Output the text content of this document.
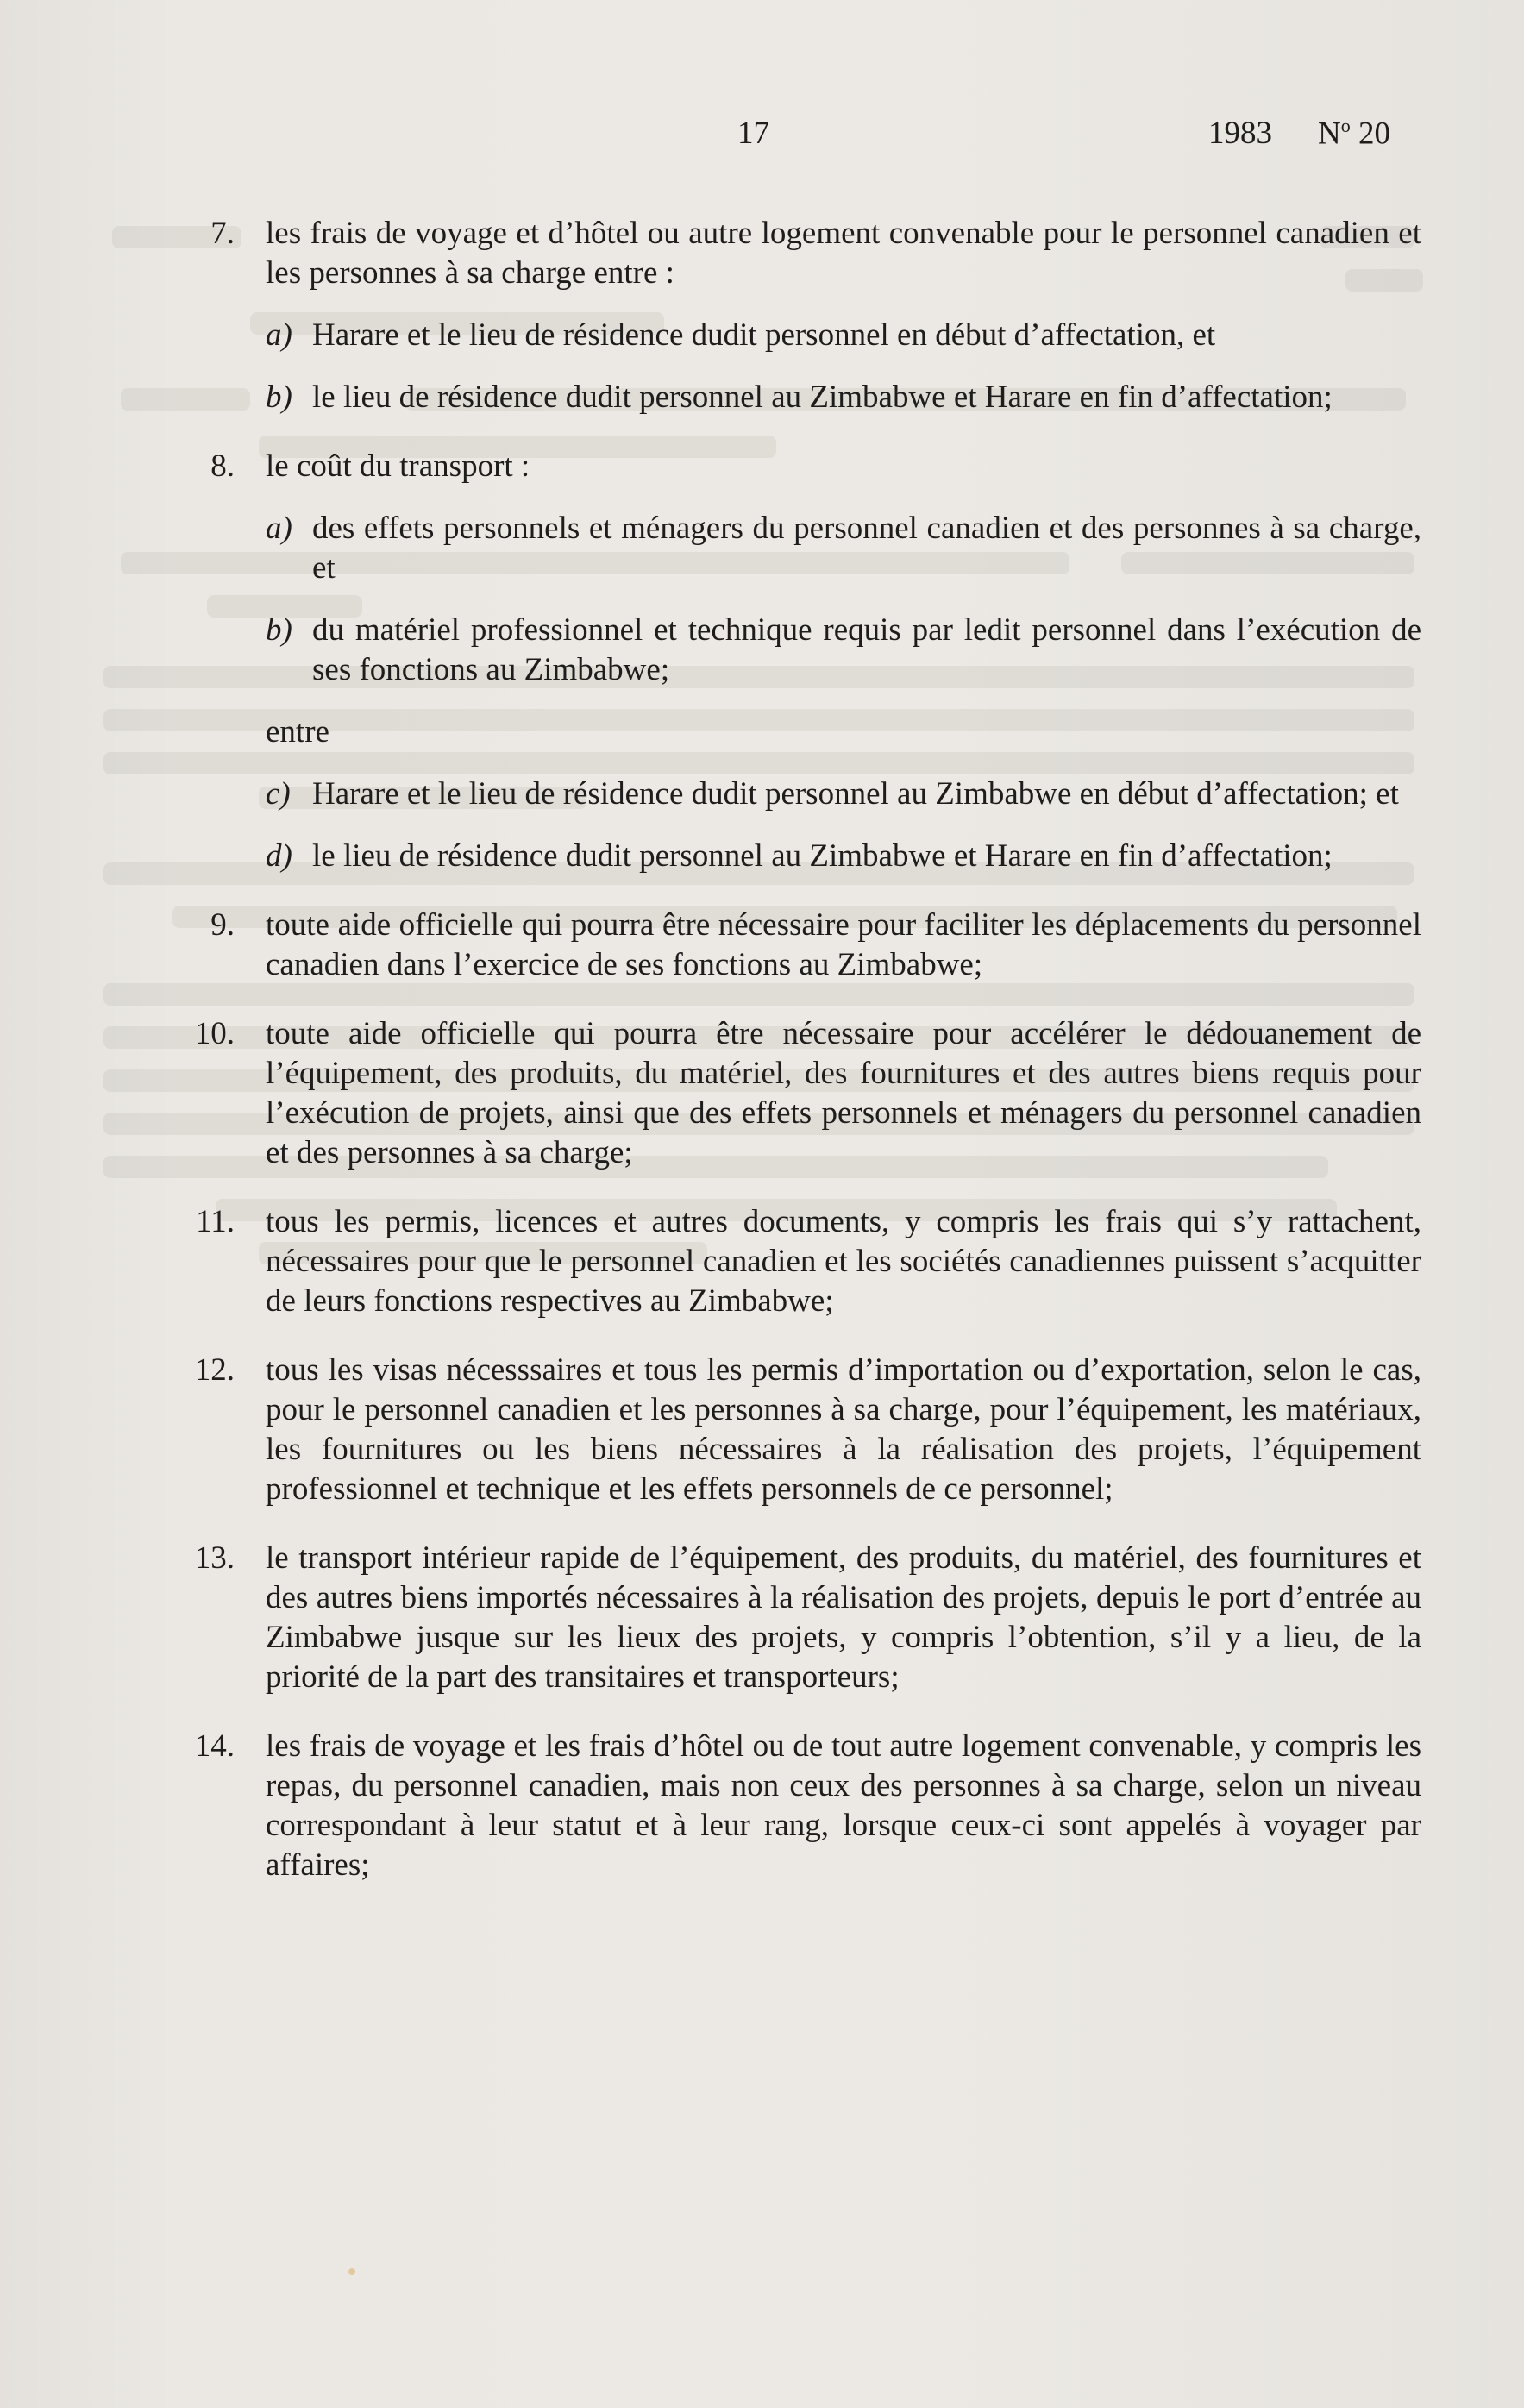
17	1983 $N^o$ 20
7. les frais de voyage et d’hôtel ou autre logement convenable pour le personnel canadien et les personnes à sa charge entre :
a) Harare et le lieu de résidence dudit personnel en début d’affectation, et
b) le lieu de résidence dudit personnel au Zimbabwe et Harare en fin d’affectation;
8. le coût du transport :
a) des effets personnels et ménagers du personnel canadien et des personnes à sa charge, et
b) du matériel professionnel et technique requis par ledit personnel dans l’exécution de ses fonctions au Zimbabwe;
entre
c) Harare et le lieu de résidence dudit personnel au Zimbabwe en début d’affectation; et
d) le lieu de résidence dudit personnel au Zimbabwe et Harare en fin d’affectation;
9. toute aide officielle qui pourra être nécessaire pour faciliter les déplacements du personnel canadien dans l’exercice de ses fonctions au Zimbabwe;
10. toute aide officielle qui pourra être nécessaire pour accélérer le dédouanement de l’équipement, des produits, du matériel, des fournitures et des autres biens requis pour l’exécution de projets, ainsi que des effets personnels et ménagers du personnel canadien et des personnes à sa charge;
11. tous les permis, licences et autres documents, y compris les frais qui s’y rattachent, nécessaires pour que le personnel canadien et les sociétés canadiennes puissent s’acquitter de leurs fonctions respectives au Zimbabwe;
12. tous les visas nécesssaires et tous les permis d’importation ou d’exportation, selon le cas, pour le personnel canadien et les personnes à sa charge, pour l’équipement, les matériaux, les fournitures ou les biens nécessaires à la réalisation des projets, l’équipement professionnel et technique et les effets personnels de ce personnel;
13. le transport intérieur rapide de l’équipement, des produits, du matériel, des fournitures et des autres biens importés nécessaires à la réalisation des projets, depuis le port d’entrée au Zimbabwe jusque sur les lieux des projets, y compris l’obtention, s’il y a lieu, de la priorité de la part des transitaires et transporteurs;
14. les frais de voyage et les frais d’hôtel ou de tout autre logement convenable, y compris les repas, du personnel canadien, mais non ceux des personnes à sa charge, selon un niveau correspondant à leur statut et à leur rang, lorsque ceux-ci sont appelés à voyager par affaires;
